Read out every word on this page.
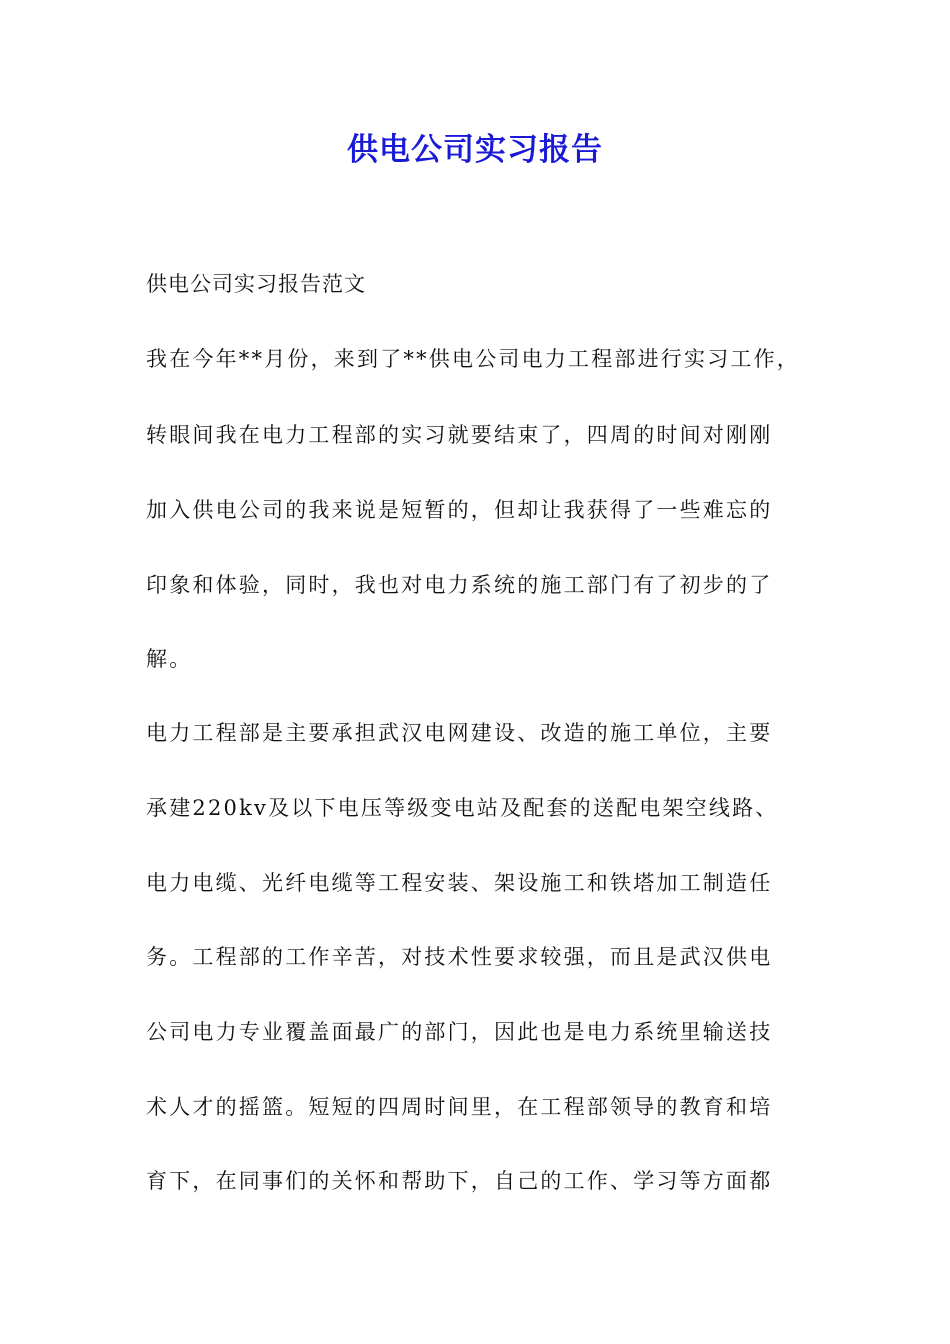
供电公司实习报告

供电公司实习报告范文

我在今年**月份，来到了**供电公司电力工程部进行实习工作，

转眼间我在电力工程部的实习就要结束了，四周的时间对刚刚

加入供电公司的我来说是短暂的，但却让我获得了一些难忘的

印象和体验，同时，我也对电力系统的施工部门有了初步的了

解。

电力工程部是主要承担武汉电网建设、改造的施工单位，主要

承建220kv及以下电压等级变电站及配套的送配电架空线路、

电力电缆、光纤电缆等工程安装、架设施工和铁塔加工制造任

务。工程部的工作辛苦，对技术性要求较强，而且是武汉供电

公司电力专业覆盖面最广的部门，因此也是电力系统里输送技

术人才的摇篮。短短的四周时间里，在工程部领导的教育和培

育下，在同事们的关怀和帮助下，自己的工作、学习等方面都
